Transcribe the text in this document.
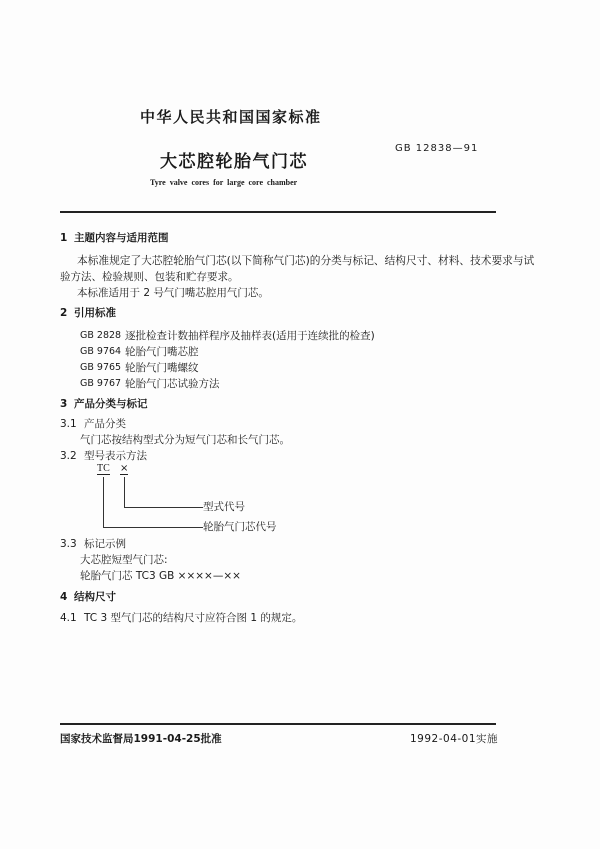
中华人民共和国国家标准
GB 12838—91
大芯腔轮胎气门芯
Tyre valve cores for large core chamber
1 主题内容与适用范围
本标准规定了大芯腔轮胎气门芯(以下简称气门芯)的分类与标记、结构尺寸、材料、技术要求与试
验方法、检验规则、包装和贮存要求。
本标准适用于 2 号气门嘴芯腔用气门芯。
2 引用标准
GB 2828 逐批检查计数抽样程序及抽样表(适用于连续批的检查)
GB 9764 轮胎气门嘴芯腔
GB 9765 轮胎气门嘴螺纹
GB 9767 轮胎气门芯试验方法
3 产品分类与标记
3.1 产品分类
气门芯按结构型式分为短气门芯和长气门芯。
3.2 型号表示方法
TC ×
型式代号
轮胎气门芯代号
3.3 标记示例
大芯腔短型气门芯:
轮胎气门芯 TC3 GB ××××—××
4 结构尺寸
4.1 TC 3 型气门芯的结构尺寸应符合图 1 的规定。
国家技术监督局1991-04-25批准	1992-04-01实施
